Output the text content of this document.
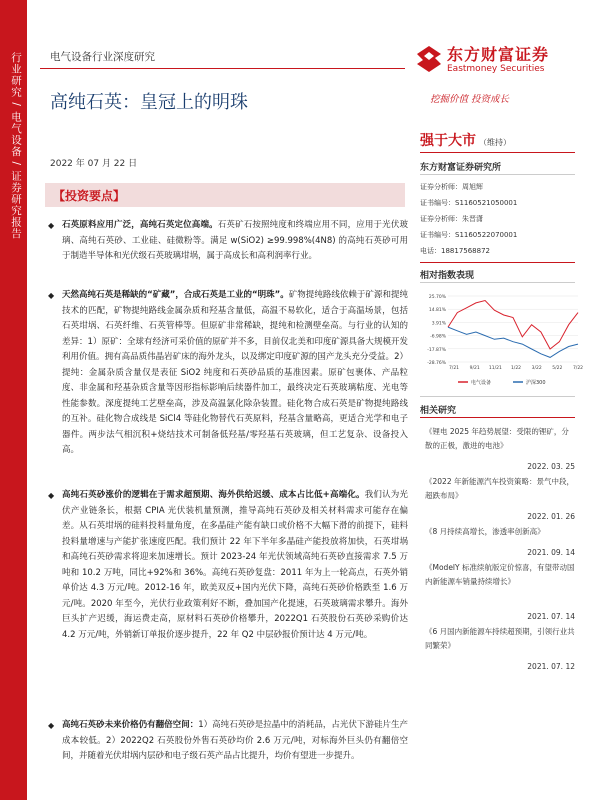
行业研究 / 电气设备 / 证券研究报告	电气设备行业深度研究	东方财富证券
Eastmoney Securities
挖掘价值 投资成长
高纯石英：皇冠上的明珠
2022 年 07 月 22 日
【投资要点】
◆ 石英原料应用广泛，高纯石英定位高端。石英矿石按照纯度和终端应用不同，应用于光伏玻璃、高纯石英砂、工业硅、硅微粉等。满足 w(SiO2) ≥99.998%(4N8) 的高纯石英砂可用于制造半导体和光伏级石英玻璃坩埚，属于高成长和高利润率行业。
◆ 天然高纯石英是稀缺的“矿藏”，合成石英是工业的“明珠”。矿物提纯路线依赖于矿源和提纯技术的匹配，矿物提纯路线金属杂质和羟基含量低，高温不易软化，适合于高温场景，包括石英坩埚、石英纤维、石英管棒等。但原矿非常稀缺，提纯和检测壁垒高。与行业的认知的差异：1）原矿：全球有经济可采价值的原矿并不多，目前仅北美和印度矿源具备大规模开发利用价值。拥有高品质伟晶岩矿床的海外龙头，以及绑定印度矿源的国产龙头充分受益。2）提纯：金属杂质含量仅是表征 SiO2 纯度和石英砂品质的基准因素。原矿包裹体、产品粒度、非金属和羟基杂质含量等因形指标影响后续器件加工，最终决定石英玻璃粘度、光电等性能参数。深度提纯工艺壁垒高，涉及高温氯化除杂装置。硅化物合成石英是矿物提纯路线的互补。硅化物合成线是 SiCl4 等硅化物替代石英原料，羟基含量略高，更适合光学和电子器件。两步法气相沉积+烧结技术可制备低羟基/零羟基石英玻璃，但工艺复杂、设备投入高。
◆ 高纯石英砂涨价的逻辑在于需求超预期、海外供给迟缓、成本占比低+高端化。我们认为光伏产业链条长，根据 CPIA 光伏装机量预测，推导高纯石英砂及相关材料需求可能存在偏差。从石英坩埚的硅料投料量角度，在多晶硅产能有缺口或价格不大幅下滑的前提下，硅料投料量增速与产能扩张速度匹配。我们预计 22 年下半年多晶硅产能投放将加快，石英坩埚和高纯石英砂需求将迎来加速增长。预计 2023-24 年光伏领域高纯石英砂直接需求 7.5 万吨和 10.2 万吨，同比+92%和 36%。高纯石英砂复盘：2011 年为上一轮高点，石英外销单价达 4.3 万元/吨。2012-16 年，欧美双反+国内光伏下降，高纯石英砂价格跌至 1.6 万元/吨。2020 年至今，光伏行业政策利好不断，叠加国产化提速，石英玻璃需求攀升。海外巨头扩产迟缓，海运费走高，原材料石英砂价格攀升，2022Q1 石英股份石英砂采购价达 4.2 万元/吨，外销新订单报价逐步提升，22 年 Q2 中层砂报价预计达 4 万元/吨。
◆ 高纯石英砂未来价格仍有翻倍空间：1）高纯石英砂是拉晶中的消耗品，占光伏下游硅片生产成本较低。2）2022Q2 石英股份外售石英砂均价 2.6 万元/吨，对标海外巨头仍有翻倍空间，并随着光伏坩埚内层砂和电子级石英产品占比提升，均价有望进一步提升。
强于大市 （维持）
东方财富证券研究所
证券分析师：周旭辉
证书编号：S1160521050001
证券分析师：朱晋潇
证书编号：S1160522070001
电话：18817568872
相对指数表现
25.70%
14.81%
3.91%
-6.98%
-17.87%
-28.76%
7/21 9/21 11/21 1/22 3/22 5/22 7/22
电气设备	沪深300
相关研究
《锂电 2025 年趋势展望：受限的锂矿，分散的正极，激进的电池》
2022. 03. 25
《2022 年新能源汽车投资策略：景气中段，超跌布局》
2022. 01. 26
《8 月持续高增长，渗透率创新高》
2021. 09. 14
《ModelY 标准续航版定价惊喜，有望带动国内新能源车销量持续增长》
2021. 07. 14
《6 月国内新能源车持续超预期，引领行业共同繁荣》
2021. 07. 12
